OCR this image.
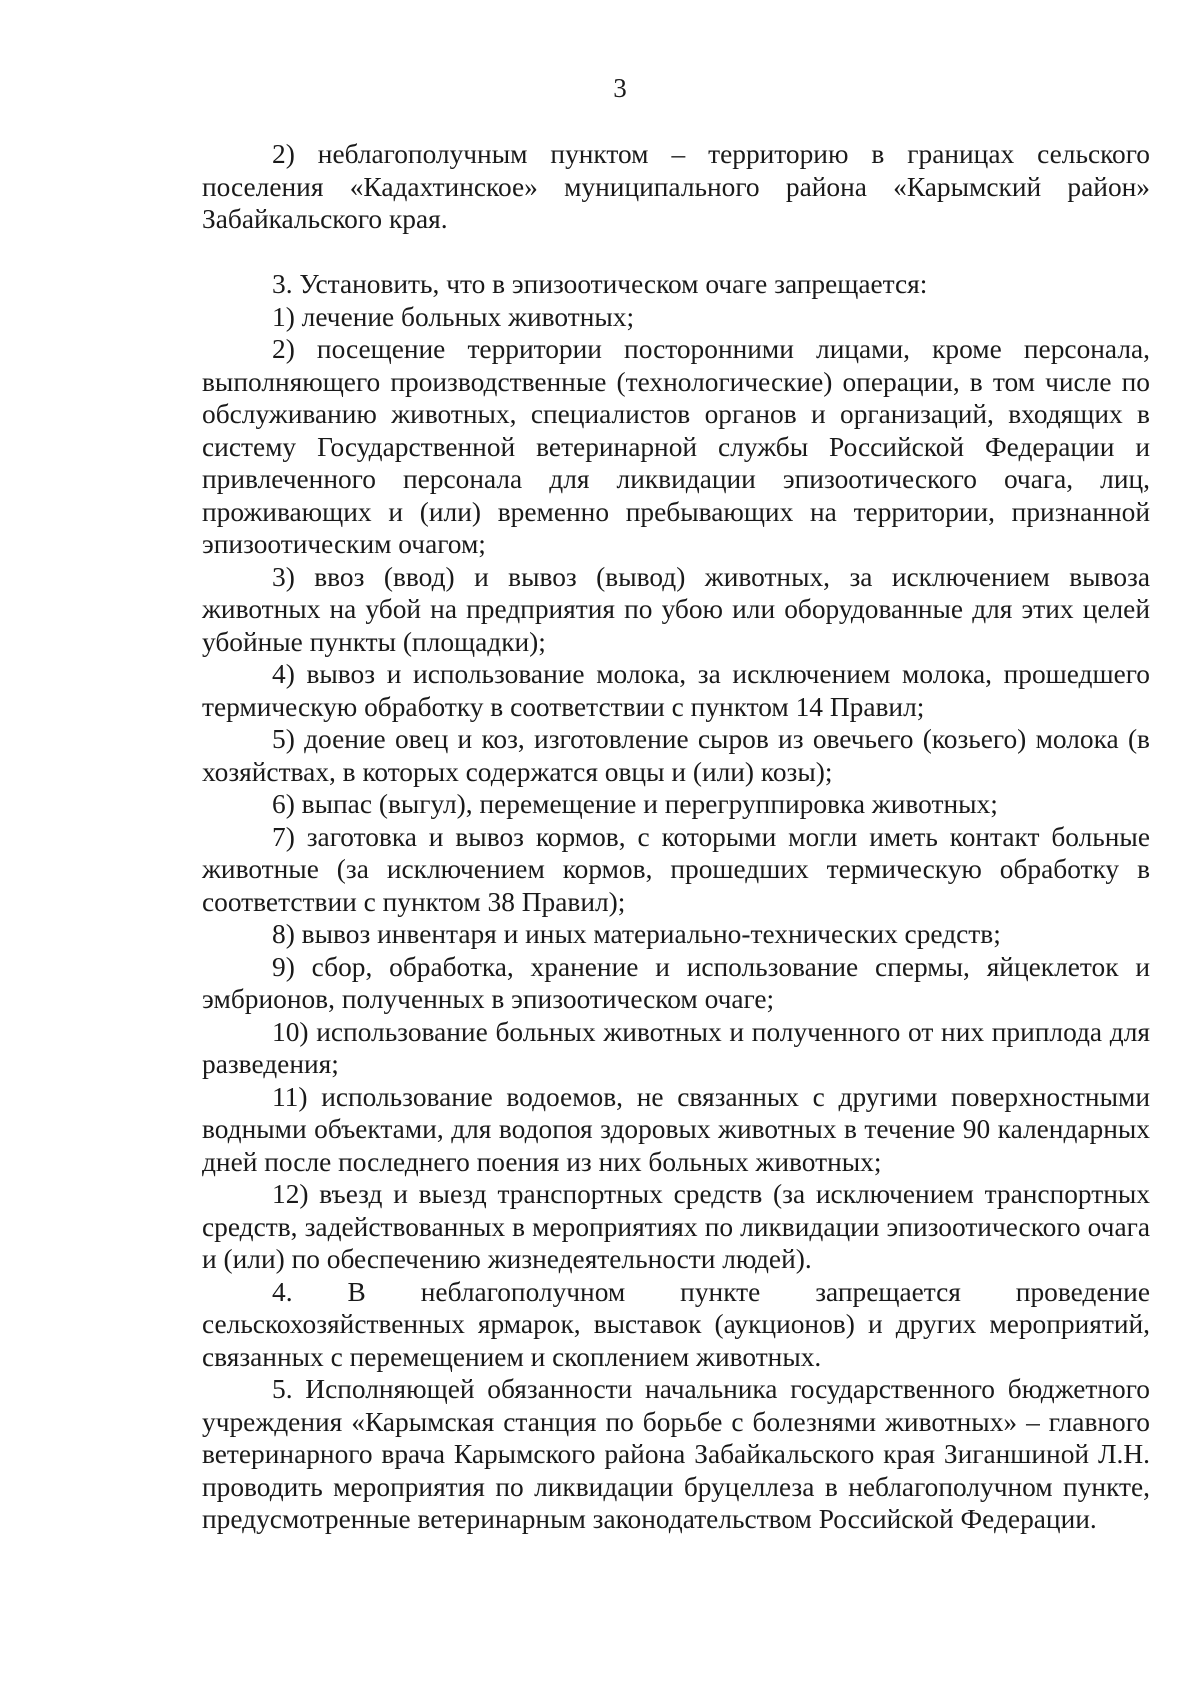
3

2) неблагополучным пунктом – территорию в границах сельского поселения «Кадахтинское» муниципального района «Карымский район» Забайкальского края.

3. Установить, что в эпизоотическом очаге запрещается:

1) лечение больных животных;

2) посещение территории посторонними лицами, кроме персонала, выполняющего производственные (технологические) операции, в том числе по обслуживанию животных, специалистов органов и организаций, входящих в систему Государственной ветеринарной службы Российской Федерации и привлеченного персонала для ликвидации эпизоотического очага, лиц, проживающих и (или) временно пребывающих на территории, признанной эпизоотическим очагом;

3) ввоз (ввод) и вывоз (вывод) животных, за исключением вывоза животных на убой на предприятия по убою или оборудованные для этих целей убойные пункты (площадки);

4) вывоз и использование молока, за исключением молока, прошедшего термическую обработку в соответствии с пунктом 14 Правил;

5) доение овец и коз, изготовление сыров из овечьего (козьего) молока (в хозяйствах, в которых содержатся овцы и (или) козы);

6) выпас (выгул), перемещение и перегруппировка животных;

7) заготовка и вывоз кормов, с которыми могли иметь контакт больные животные (за исключением кормов, прошедших термическую обработку в соответствии с пунктом 38 Правил);

8) вывоз инвентаря и иных материально-технических средств;

9) сбор, обработка, хранение и использование спермы, яйцеклеток и эмбрионов, полученных в эпизоотическом очаге;

10) использование больных животных и полученного от них приплода для разведения;

11) использование водоемов, не связанных с другими поверхностными водными объектами, для водопоя здоровых животных в течение 90 календарных дней после последнего поения из них больных животных;

12) въезд и выезд транспортных средств (за исключением транспортных средств, задействованных в мероприятиях по ликвидации эпизоотического очага и (или) по обеспечению жизнедеятельности людей).

4. В неблагополучном пункте запрещается проведение сельскохозяйственных ярмарок, выставок (аукционов) и других мероприятий, связанных с перемещением и скоплением животных.

5. Исполняющей обязанности начальника государственного бюджетного учреждения «Карымская станция по борьбе с болезнями животных» – главного ветеринарного врача Карымского района Забайкальского края Зиганшиной Л.Н. проводить мероприятия по ликвидации бруцеллеза в неблагополучном пункте, предусмотренные ветеринарным законодательством Российской Федерации.
